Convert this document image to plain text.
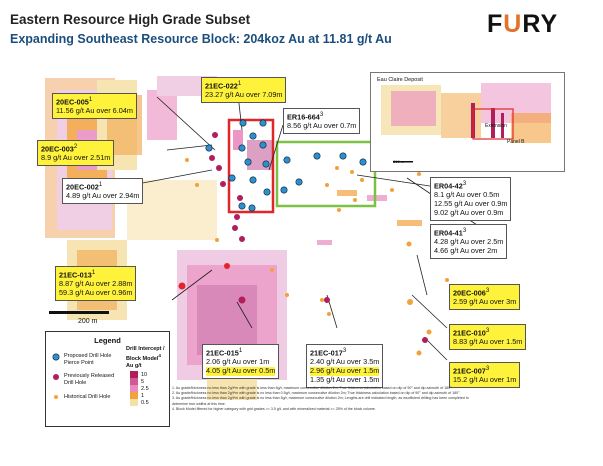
Eastern Resource High Grade Subset
Expanding Southeast Resource Block: 204koz Au at 11.81 g/t Au
FURY
Eau Claire Deposit
Extension
Panel B
300 m
$20EC-005^1$
11.56 g/t Au over 6.04m
$21EC-022^1$
23.27 g/t Au over 7.09m
$ER16-664^3$
8.56 g/t Au over 0.7m
$20EC-003^2$
8.9 g/t Au over 2.51m
$20EC-002^1$
4.89 g/t Au over 2.94m
$ER04-42^3$
8.1 g/t Au over 0.5m
12.55 g/t Au over 0.9m
9.02 g/t Au over 0.9m
$ER04-41^3$
4.28 g/t Au over 2.5m
4.66 g/t Au over 2m
$21EC-013^1$
8.87 g/t Au over 2.88m
59.3 g/t Au over 0.96m	$20EC-006^3$
2.59 g/t Au over 3m
$21EC-010^3$
8.83 g/t Au over 1.5m
$21EC-015^1$
2.06 g/t Au over 1m
4.05 g/t Au over 0.5m
$21EC-017^3$
2.40 g/t Au over 3.5m
2.96 g/t Au over 1.5m
1.35 g/t Au over 1.5m
$21EC-007^3$
15.2 g/t Au over 1m
200 m
Legend
Proposed Drill Hole Pierce Point
Previously Released Drill Hole
Historical Drill Hole
Drill Intercept / Block Model$^4$
Au g/t
10
5
2.5
1
0.5
1. Au grade/thickness no less than 2g/t*m with grade is less than 6g/t, maximum consecutive dilution 2m; True thickness calculation based on dip of 90° and dip azimuth of 180°.
2. Au grade/thickness no less than 2g/t*m with grade is no less than 0.5g/t, maximum consecutive dilution 2m; True thickness calculation based on dip of 90° and dip azimuth of 180°.
3. Au grade/thickness no less than 2g/t*m with grade is no less than 5g/t, maximum consecutive dilution 2m; Lengths are drill indicated length, as insufficient drilling has been completed to
determine true widths at this time.
4. Block Model filtered for higher category with grid grades >= 3.5 g/t, and with mineralized material >= 25% of the block volume.
